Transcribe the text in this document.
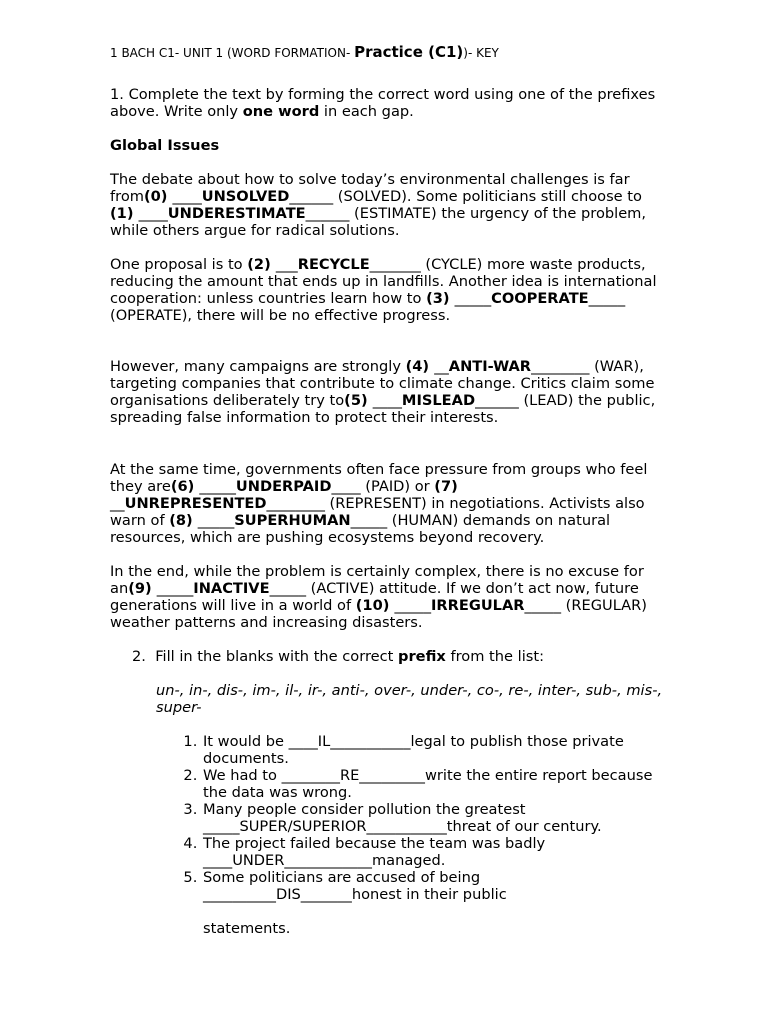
1 BACH C1- UNIT 1 (WORD FORMATION- Practice (C1))- KEY

1. Complete the text by forming the correct word using one of the prefixes above. Write only one word in each gap.

Global Issues

The debate about how to solve today’s environmental challenges is far from(0) ____UNSOLVED______ (SOLVED). Some politicians still choose to (1) ____UNDERESTIMATE______ (ESTIMATE) the urgency of the problem, while others argue for radical solutions.

One proposal is to (2) ___RECYCLE_______ (CYCLE) more waste products, reducing the amount that ends up in landfills. Another idea is international cooperation: unless countries learn how to (3) _____COOPERATE_____ (OPERATE), there will be no effective progress.

However, many campaigns are strongly (4) __ANTI-WAR________ (WAR), targeting companies that contribute to climate change. Critics claim some organisations deliberately try to(5) ____MISLEAD______ (LEAD) the public, spreading false information to protect their interests.

At the same time, governments often face pressure from groups who feel they are(6) _____UNDERPAID____ (PAID) or (7) __UNREPRESENTED________ (REPRESENT) in negotiations. Activists also warn of (8) _____SUPERHUMAN_____ (HUMAN) demands on natural resources, which are pushing ecosystems beyond recovery.

In the end, while the problem is certainly complex, there is no excuse for an(9) _____INACTIVE_____ (ACTIVE) attitude. If we don’t act now, future generations will live in a world of (10) _____IRREGULAR_____ (REGULAR) weather patterns and increasing disasters.

2. Fill in the blanks with the correct prefix from the list:

un-, in-, dis-, im-, il-, ir-, anti-, over-, under-, co-, re-, inter-, sub-, mis-, super-

1. It would be ____IL___________legal to publish those private documents.
2. We had to ________RE_________write the entire report because the data was wrong.
3. Many people consider pollution the greatest _____SUPER/SUPERIOR___________threat of our century.
4. The project failed because the team was badly ____UNDER____________managed.
5. Some politicians are accused of being __________DIS_______honest in their public

statements.
